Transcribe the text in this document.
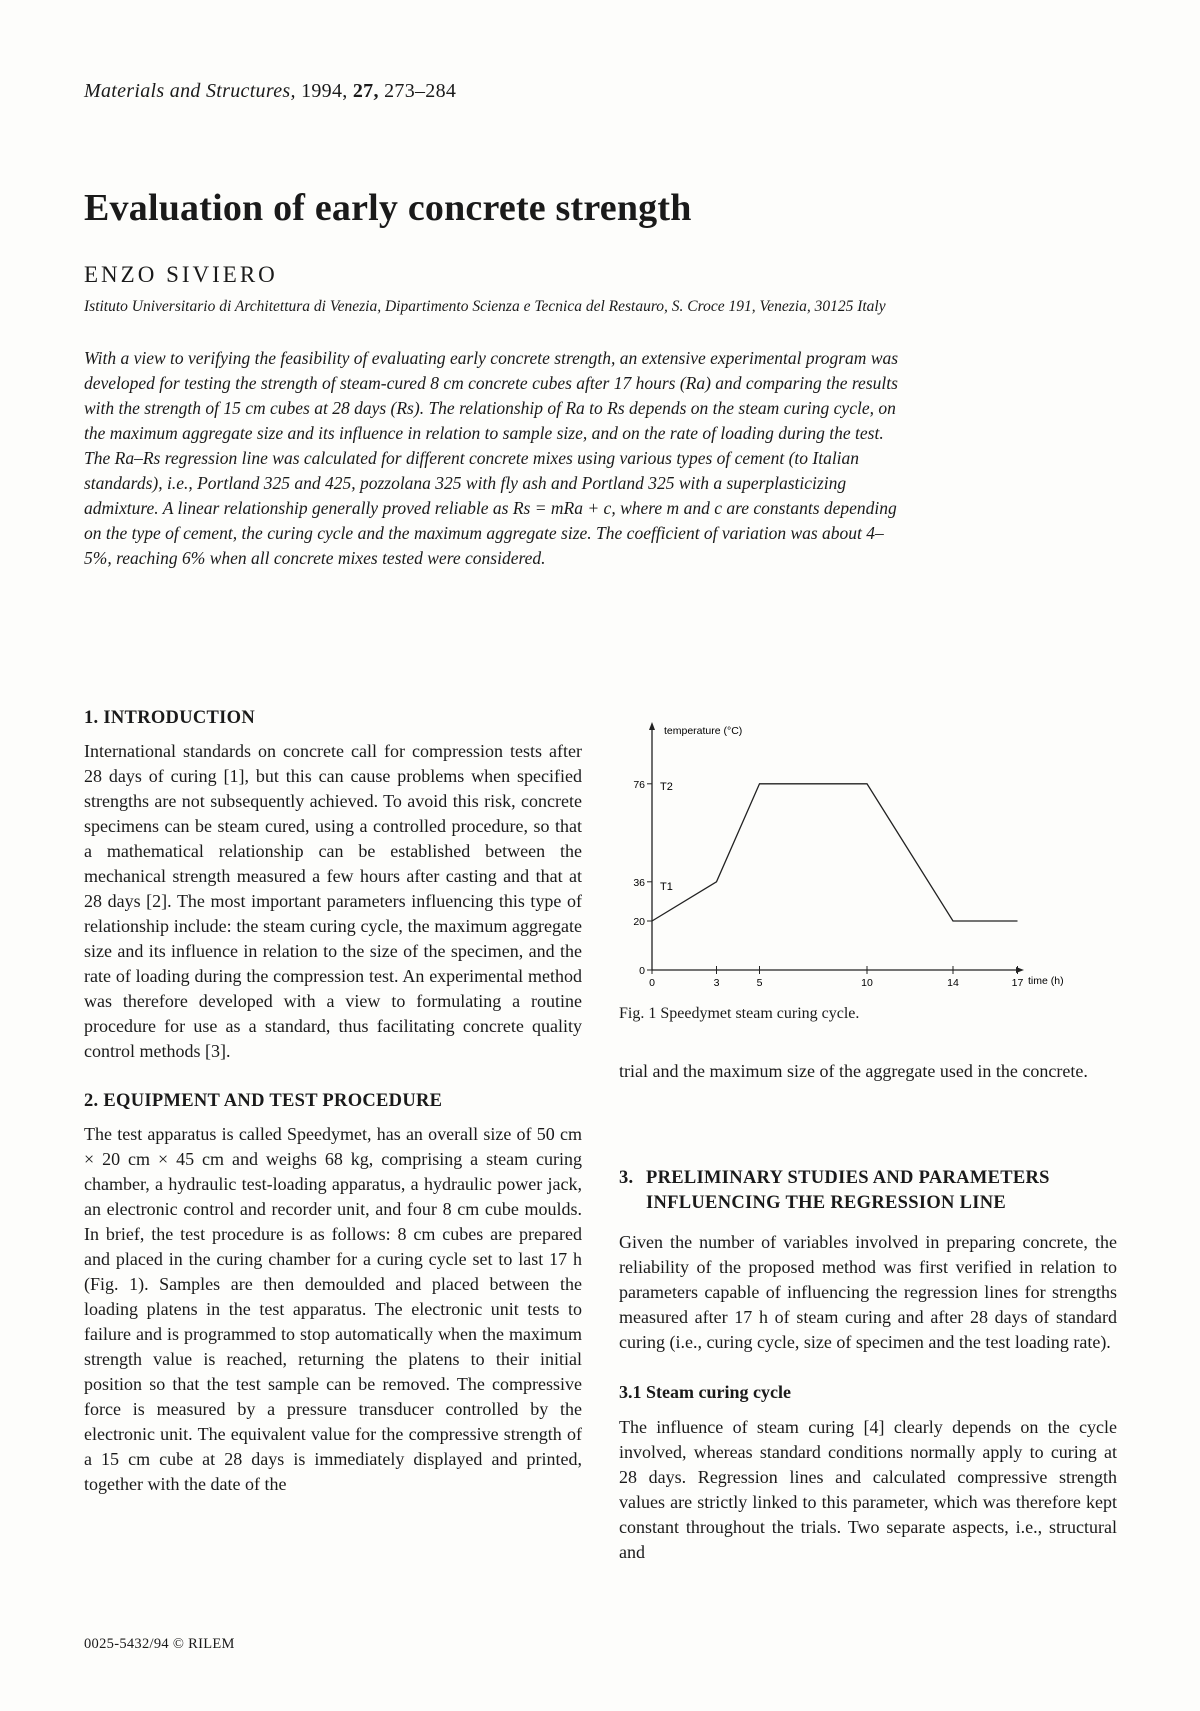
Materials and Structures, 1994, 27, 273–284
Evaluation of early concrete strength
ENZO SIVIERO
Istituto Universitario di Architettura di Venezia, Dipartimento Scienza e Tecnica del Restauro, S. Croce 191, Venezia, 30125 Italy
With a view to verifying the feasibility of evaluating early concrete strength, an extensive experimental program was developed for testing the strength of steam-cured 8 cm concrete cubes after 17 hours (Ra) and comparing the results with the strength of 15 cm cubes at 28 days (Rs). The relationship of Ra to Rs depends on the steam curing cycle, on the maximum aggregate size and its influence in relation to sample size, and on the rate of loading during the test. The Ra–Rs regression line was calculated for different concrete mixes using various types of cement (to Italian standards), i.e., Portland 325 and 425, pozzolana 325 with fly ash and Portland 325 with a superplasticizing admixture. A linear relationship generally proved reliable as Rs = mRa + c, where m and c are constants depending on the type of cement, the curing cycle and the maximum aggregate size. The coefficient of variation was about 4–5%, reaching 6% when all concrete mixes tested were considered.
1. INTRODUCTION

International standards on concrete call for compression tests after 28 days of curing [1], but this can cause problems when specified strengths are not subsequently achieved. To avoid this risk, concrete specimens can be steam cured, using a controlled procedure, so that a mathematical relationship can be established between the mechanical strength measured a few hours after casting and that at 28 days [2]. The most important parameters influencing this type of relationship include: the steam curing cycle, the maximum aggregate size and its influence in relation to the size of the specimen, and the rate of loading during the compression test. An experimental method was therefore developed with a view to formulating a routine procedure for use as a standard, thus facilitating concrete quality control methods [3].

2. EQUIPMENT AND TEST PROCEDURE

The test apparatus is called Speedymet, has an overall size of 50 cm × 20 cm × 45 cm and weighs 68 kg, comprising a steam curing chamber, a hydraulic test-loading apparatus, a hydraulic power jack, an electronic control and recorder unit, and four 8 cm cube moulds. In brief, the test procedure is as follows: 8 cm cubes are prepared and placed in the curing chamber for a curing cycle set to last 17 h (Fig. 1). Samples are then demoulded and placed between the loading platens in the test apparatus. The electronic unit tests to failure and is programmed to stop automatically when the maximum strength value is reached, returning the platens to their initial position so that the test sample can be removed. The compressive force is measured by a pressure transducer controlled by the electronic unit. The equivalent value for the compressive strength of a 15 cm cube at 28 days is immediately displayed and printed, together with the date of the

temperature (°C)
time (h)
76
36
20
0
0	3	5	10	14	17
T2
T1
Fig. 1 Speedymet steam curing cycle.
trial and the maximum size of the aggregate used in the concrete.
3. PRELIMINARY STUDIES AND PARAMETERS INFLUENCING THE REGRESSION LINE

Given the number of variables involved in preparing concrete, the reliability of the proposed method was first verified in relation to parameters capable of influencing the regression lines for strengths measured after 17 h of steam curing and after 28 days of standard curing (i.e., curing cycle, size of specimen and the test loading rate).

3.1 Steam curing cycle

The influence of steam curing [4] clearly depends on the cycle involved, whereas standard conditions normally apply to curing at 28 days. Regression lines and calculated compressive strength values are strictly linked to this parameter, which was therefore kept constant throughout the trials. Two separate aspects, i.e., structural and

0025-5432/94 © RILEM
